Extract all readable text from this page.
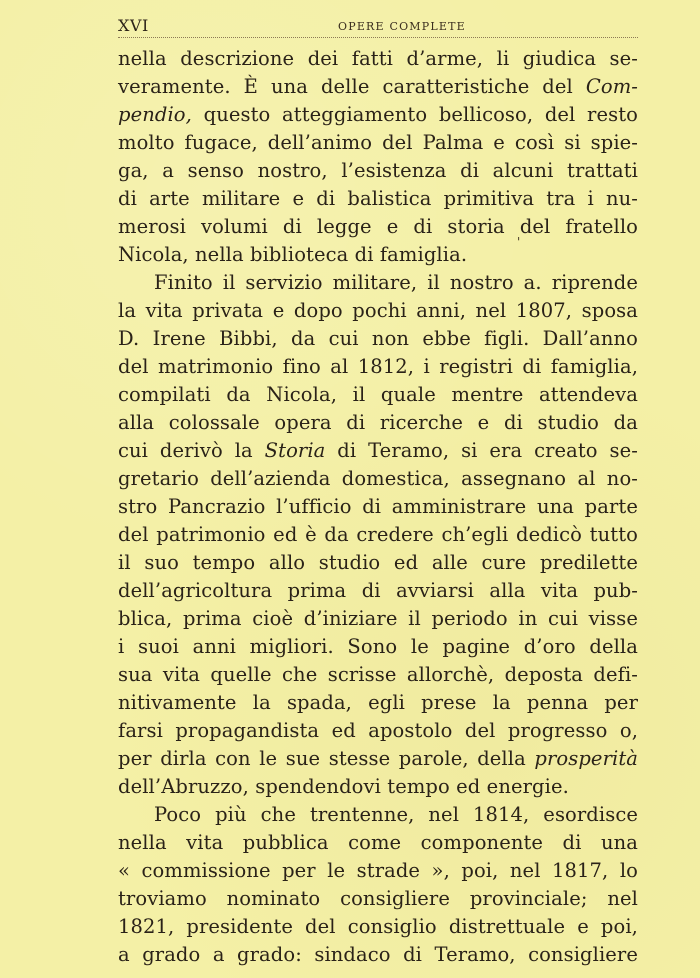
XVI	OPERE COMPLETE
nella descrizione dei fatti d’arme, li giudica se-
veramente. È una delle caratteristiche del Com-
pendio, questo atteggiamento bellicoso, del resto
molto fugace, dell’animo del Palma e così si spie-
ga, a senso nostro, l’esistenza di alcuni trattati
di arte militare e di balistica primitiva tra i nu-
merosi volumi di legge e di storia del fratello
Nicola, nella biblioteca di famiglia.
'
Finito il servizio militare, il nostro a. riprende
la vita privata e dopo pochi anni, nel 1807, sposa
D. Irene Bibbi, da cui non ebbe figli. Dall’anno
del matrimonio fino al 1812, i registri di famiglia,
compilati da Nicola, il quale mentre attendeva
alla colossale opera di ricerche e di studio da
cui derivò la Storia di Teramo, si era creato se-
gretario dell’azienda domestica, assegnano al no-
stro Pancrazio l’ufficio di amministrare una parte
del patrimonio ed è da credere ch’egli dedicò tutto
il suo tempo allo studio ed alle cure predilette
dell’agricoltura prima di avviarsi alla vita pub-
blica, prima cioè d’iniziare il periodo in cui visse
i suoi anni migliori. Sono le pagine d’oro della
sua vita quelle che scrisse allorchè, deposta defi-
nitivamente la spada, egli prese la penna per
farsi propagandista ed apostolo del progresso o,
per dirla con le sue stesse parole, della prosperità
dell’Abruzzo, spendendovi tempo ed energie.
Poco più che trentenne, nel 1814, esordisce
nella vita pubblica come componente di una
« commissione per le strade », poi, nel 1817, lo
troviamo nominato consigliere provinciale; nel
1821, presidente del consiglio distrettuale e poi,
a grado a grado: sindaco di Teramo, consigliere
